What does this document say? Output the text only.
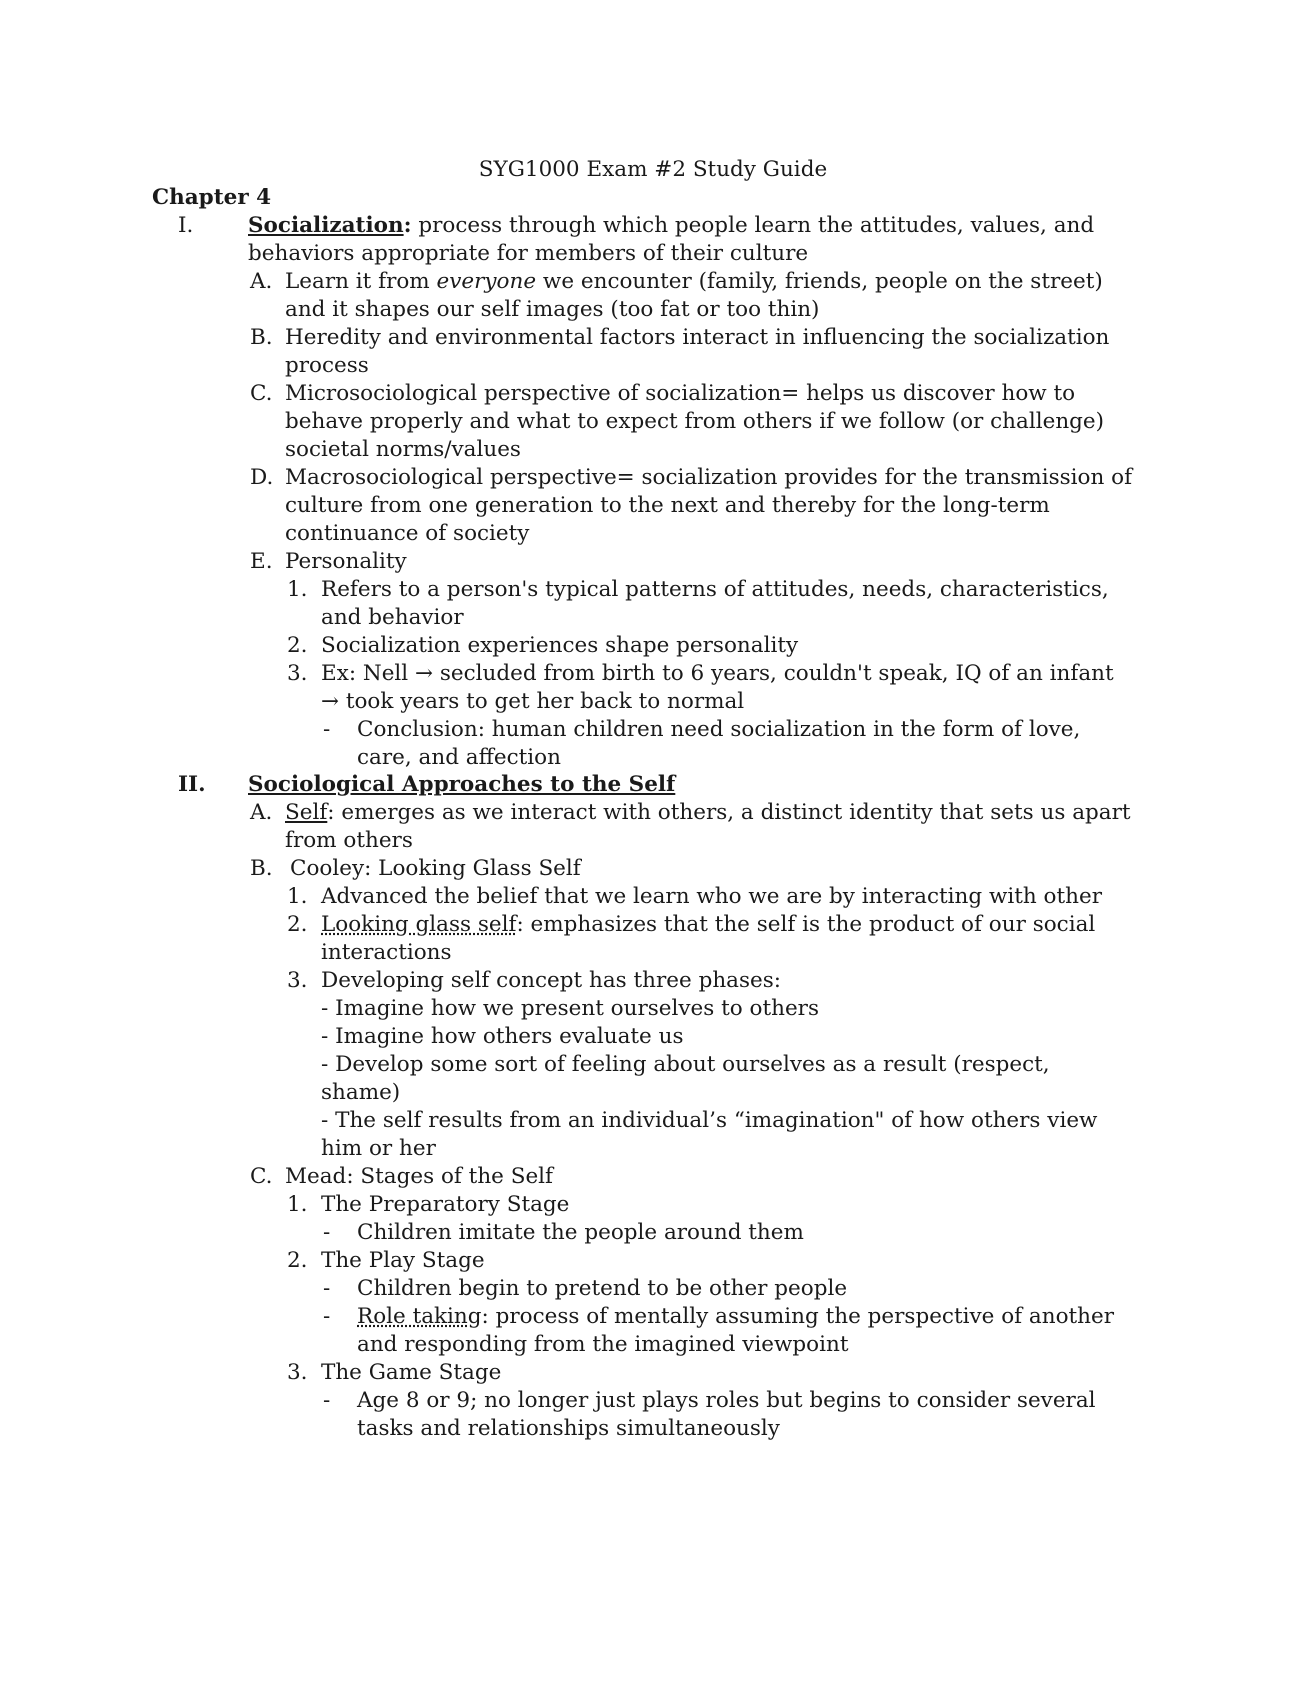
SYG1000 Exam #2 Study Guide
Chapter 4
I.	Socialization: process through which people learn the attitudes, values, and
behaviors appropriate for members of their culture
A. Learn it from everyone we encounter (family, friends, people on the street)
and it shapes our self images (too fat or too thin)
B. Heredity and environmental factors interact in influencing the socialization
process
C. Microsociological perspective of socialization= helps us discover how to
behave properly and what to expect from others if we follow (or challenge)
societal norms/values
D. Macrosociological perspective= socialization provides for the transmission of
culture from one generation to the next and thereby for the long-term
continuance of society
E. Personality
1. Refers to a person's typical patterns of attitudes, needs, characteristics,
and behavior
2. Socialization experiences shape personality
3. Ex: Nell → secluded from birth to 6 years, couldn't speak, IQ of an infant
→ took years to get her back to normal
- Conclusion: human children need socialization in the form of love,
care, and affection
II. Sociological Approaches to the Self
A. Self: emerges as we interact with others, a distinct identity that sets us apart
from others
B. Cooley: Looking Glass Self
1. Advanced the belief that we learn who we are by interacting with other
2. Looking glass self: emphasizes that the self is the product of our social
interactions
3. Developing self concept has three phases:
- Imagine how we present ourselves to others
- Imagine how others evaluate us
- Develop some sort of feeling about ourselves as a result (respect,
shame)
- The self results from an individual’s “imagination" of how others view
him or her
C. Mead: Stages of the Self
1. The Preparatory Stage
- Children imitate the people around them
2. The Play Stage
- Children begin to pretend to be other people
- Role taking: process of mentally assuming the perspective of another
and responding from the imagined viewpoint
3. The Game Stage
- Age 8 or 9; no longer just plays roles but begins to consider several
tasks and relationships simultaneously
